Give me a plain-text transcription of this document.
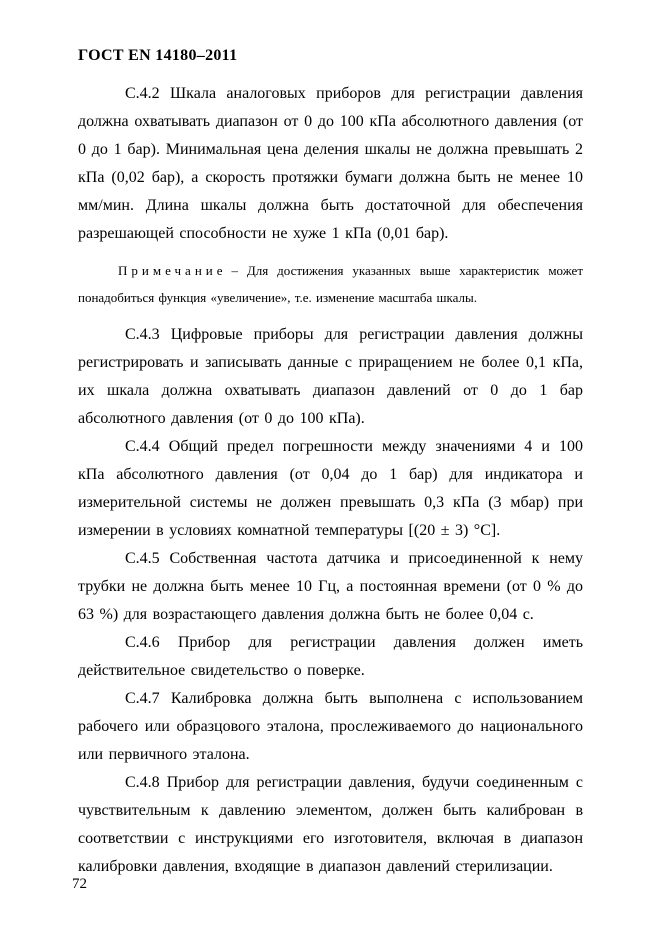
ГОСТ EN 14180–2011

С.4.2 Шкала аналоговых приборов для регистрации давления должна охватывать диапазон от 0 до 100 кПа абсолютного давления (от 0 до 1 бар). Минимальная цена деления шкалы не должна превышать 2 кПа (0,02 бар), а скорость протяжки бумаги должна быть не менее 10 мм/мин. Длина шкалы должна быть достаточной для обеспечения разрешающей способности не хуже 1 кПа (0,01 бар).

Примечание – Для достижения указанных выше характеристик может понадобиться функция «увеличение», т.е. изменение масштаба шкалы.

С.4.3 Цифровые приборы для регистрации давления должны регистрировать и записывать данные с приращением не более 0,1 кПа, их шкала должна охватывать диапазон давлений от 0 до 1 бар абсолютного давления (от 0 до 100 кПа).

С.4.4 Общий предел погрешности между значениями 4 и 100 кПа абсолютного давления (от 0,04 до 1 бар) для индикатора и измерительной системы не должен превышать 0,3 кПа (3 мбар) при измерении в условиях комнатной температуры [(20 ± 3) °С].

С.4.5 Собственная частота датчика и присоединенной к нему трубки не должна быть менее 10 Гц, а постоянная времени (от 0 % до 63 %) для возрастающего давления должна быть не более 0,04 с.

С.4.6 Прибор для регистрации давления должен иметь действительное свидетельство о поверке.

С.4.7 Калибровка должна быть выполнена с использованием рабочего или образцового эталона, прослеживаемого до национального или первичного эталона.

С.4.8 Прибор для регистрации давления, будучи соединенным с чувствительным к давлению элементом, должен быть калиброван в соответствии с инструкциями его изготовителя, включая в диапазон калибровки давления, входящие в диапазон давлений стерилизации.

72
